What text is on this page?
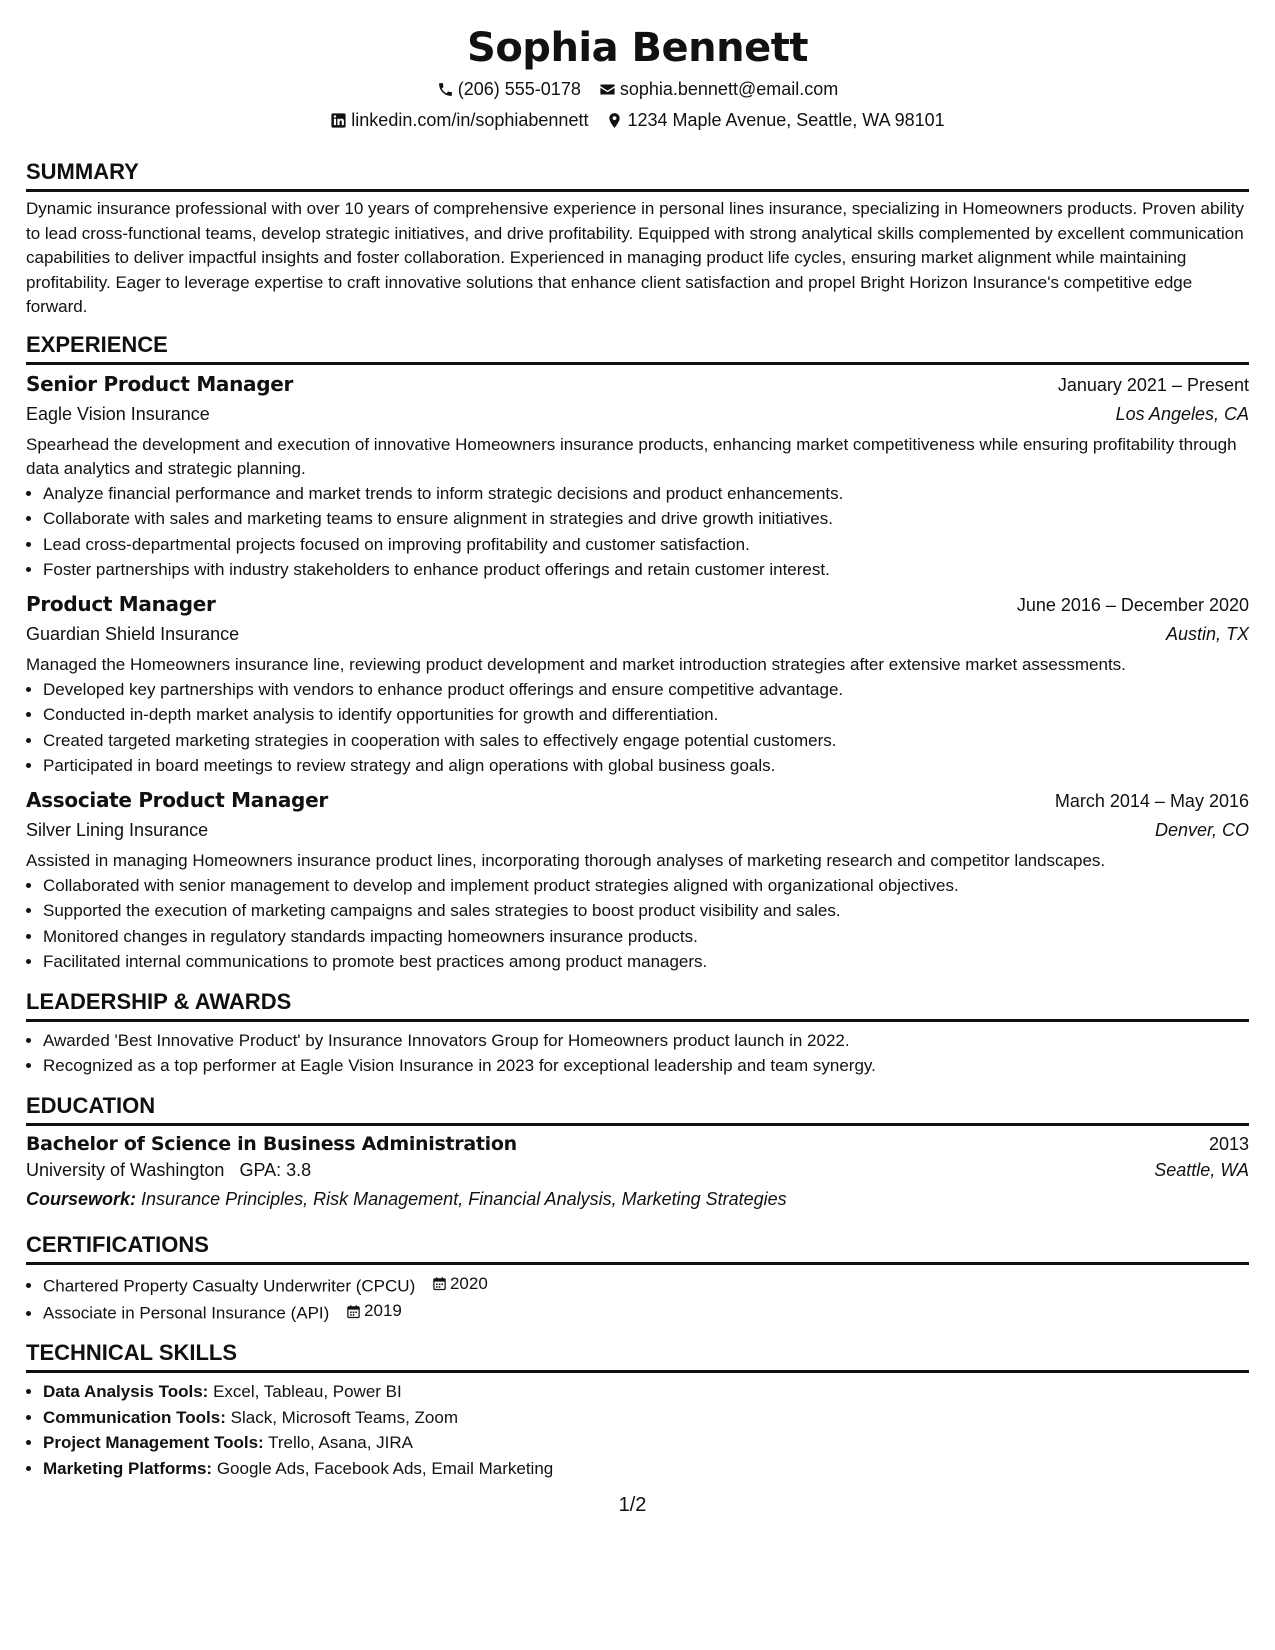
Sophia Bennett
(206) 555-0178 sophia.bennett@email.com
linkedin.com/in/sophiabennett 1234 Maple Avenue, Seattle, WA 98101
SUMMARY
Dynamic insurance professional with over 10 years of comprehensive experience in personal lines insurance, specializing in Homeowners products. Proven ability to lead cross-functional teams, develop strategic initiatives, and drive profitability. Equipped with strong analytical skills complemented by excellent communication capabilities to deliver impactful insights and foster collaboration. Experienced in managing product life cycles, ensuring market alignment while maintaining profitability. Eager to leverage expertise to craft innovative solutions that enhance client satisfaction and propel Bright Horizon Insurance's competitive edge forward.
EXPERIENCE
Senior Product Manager	January 2021 – Present
Eagle Vision Insurance	Los Angeles, CA
Spearhead the development and execution of innovative Homeowners insurance products, enhancing market competitiveness while ensuring profitability through data analytics and strategic planning.
• Analyze financial performance and market trends to inform strategic decisions and product enhancements.
• Collaborate with sales and marketing teams to ensure alignment in strategies and drive growth initiatives.
• Lead cross-departmental projects focused on improving profitability and customer satisfaction.
• Foster partnerships with industry stakeholders to enhance product offerings and retain customer interest.
Product Manager	June 2016 – December 2020
Guardian Shield Insurance	Austin, TX
Managed the Homeowners insurance line, reviewing product development and market introduction strategies after extensive market assessments.
• Developed key partnerships with vendors to enhance product offerings and ensure competitive advantage.
• Conducted in-depth market analysis to identify opportunities for growth and differentiation.
• Created targeted marketing strategies in cooperation with sales to effectively engage potential customers.
• Participated in board meetings to review strategy and align operations with global business goals.
Associate Product Manager	March 2014 – May 2016
Silver Lining Insurance	Denver, CO
Assisted in managing Homeowners insurance product lines, incorporating thorough analyses of marketing research and competitor landscapes.
• Collaborated with senior management to develop and implement product strategies aligned with organizational objectives.
• Supported the execution of marketing campaigns and sales strategies to boost product visibility and sales.
• Monitored changes in regulatory standards impacting homeowners insurance products.
• Facilitated internal communications to promote best practices among product managers.
LEADERSHIP & AWARDS
• Awarded 'Best Innovative Product' by Insurance Innovators Group for Homeowners product launch in 2022.
• Recognized as a top performer at Eagle Vision Insurance in 2023 for exceptional leadership and team synergy.
EDUCATION
Bachelor of Science in Business Administration	2013
University of Washington GPA: 3.8	Seattle, WA
Coursework: Insurance Principles, Risk Management, Financial Analysis, Marketing Strategies
CERTIFICATIONS
• Chartered Property Casualty Underwriter (CPCU) 2020
• Associate in Personal Insurance (API) 2019
TECHNICAL SKILLS
• Data Analysis Tools: Excel, Tableau, Power BI
• Communication Tools: Slack, Microsoft Teams, Zoom
• Project Management Tools: Trello, Asana, JIRA
• Marketing Platforms: Google Ads, Facebook Ads, Email Marketing
1/2
